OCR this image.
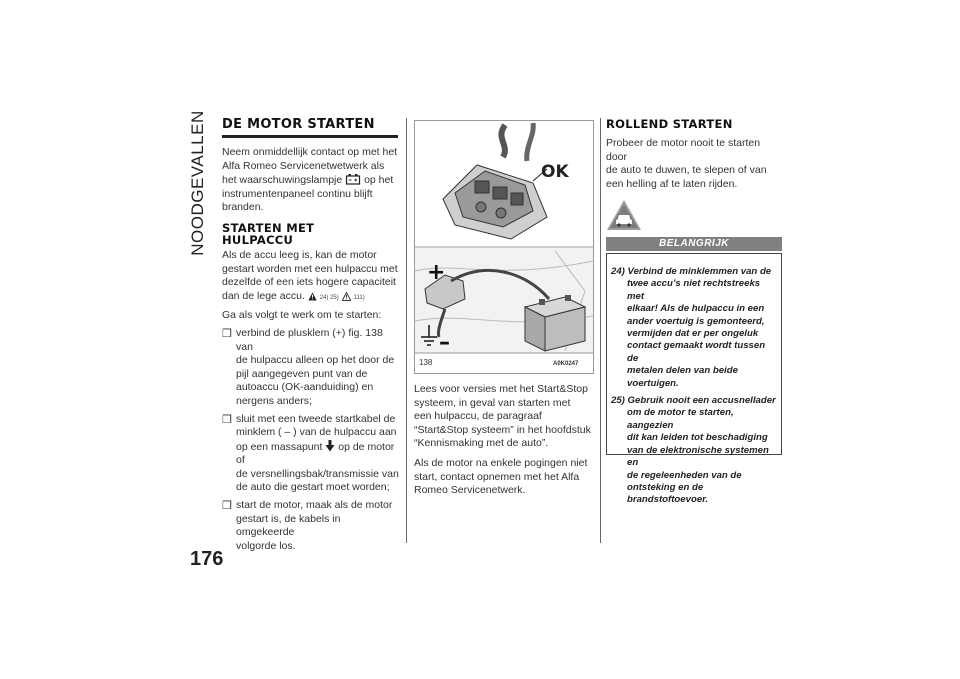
NOODGEVALLEN
176
DE MOTOR STARTEN

Neem onmiddellijk contact op met het

Alfa Romeo Servicenetwetwerk als

het waarschuwingslampje op het

instrumentenpaneel continu blijft

branden.

STARTEN MET
HULPACCU

Als de accu leeg is, kan de motor

gestart worden met een hulpaccu met

dezelfde of een iets hogere capaciteit

dan de lege accu. 24) 25) 111)

Ga als volgt te werk om te starten:

❒ verbind de plusklem (+) fig. 138 van
de hulpaccu alleen op het door de
pijl aangegeven punt van de
autoaccu (OK-aanduiding) en
nergens anders;
❒ sluit met een tweede startkabel de
minklem ( – ) van de hulpaccu aan
op een massapunt op de motor of
de versnellingsbak/transmissie van
de auto die gestart moet worden;
❒ start de motor, maak als de motor
gestart is, de kabels in omgekeerde
volgorde los.
OK
+
–
138	A0K0247

Lees voor versies met het Start&Stop

systeem, in geval van starten met

een hulpaccu, de paragraaf

“Start&Stop systeem” in het hoofdstuk

“Kennismaking met de auto”.

Als de motor na enkele pogingen niet

start, contact opnemen met het Alfa

Romeo Servicenetwerk.

ROLLEND STARTEN

Probeer de motor nooit te starten door

de auto te duwen, te slepen of van

een helling af te laten rijden.

BELANGRIJK
24) Verbind de minklemmen van de
twee accu’s niet rechtstreeks met
elkaar! Als de hulpaccu in een
ander voertuig is gemonteerd,
vermijden dat er per ongeluk
contact gemaakt wordt tussen de
metalen delen van beide
voertuigen.
25) Gebruik nooit een accusnellader
om de motor te starten, aangezien
dit kan leiden tot beschadiging
van de elektronische systemen en
de regeleenheden van de
ontsteking en de
brandstoftoevoer.
